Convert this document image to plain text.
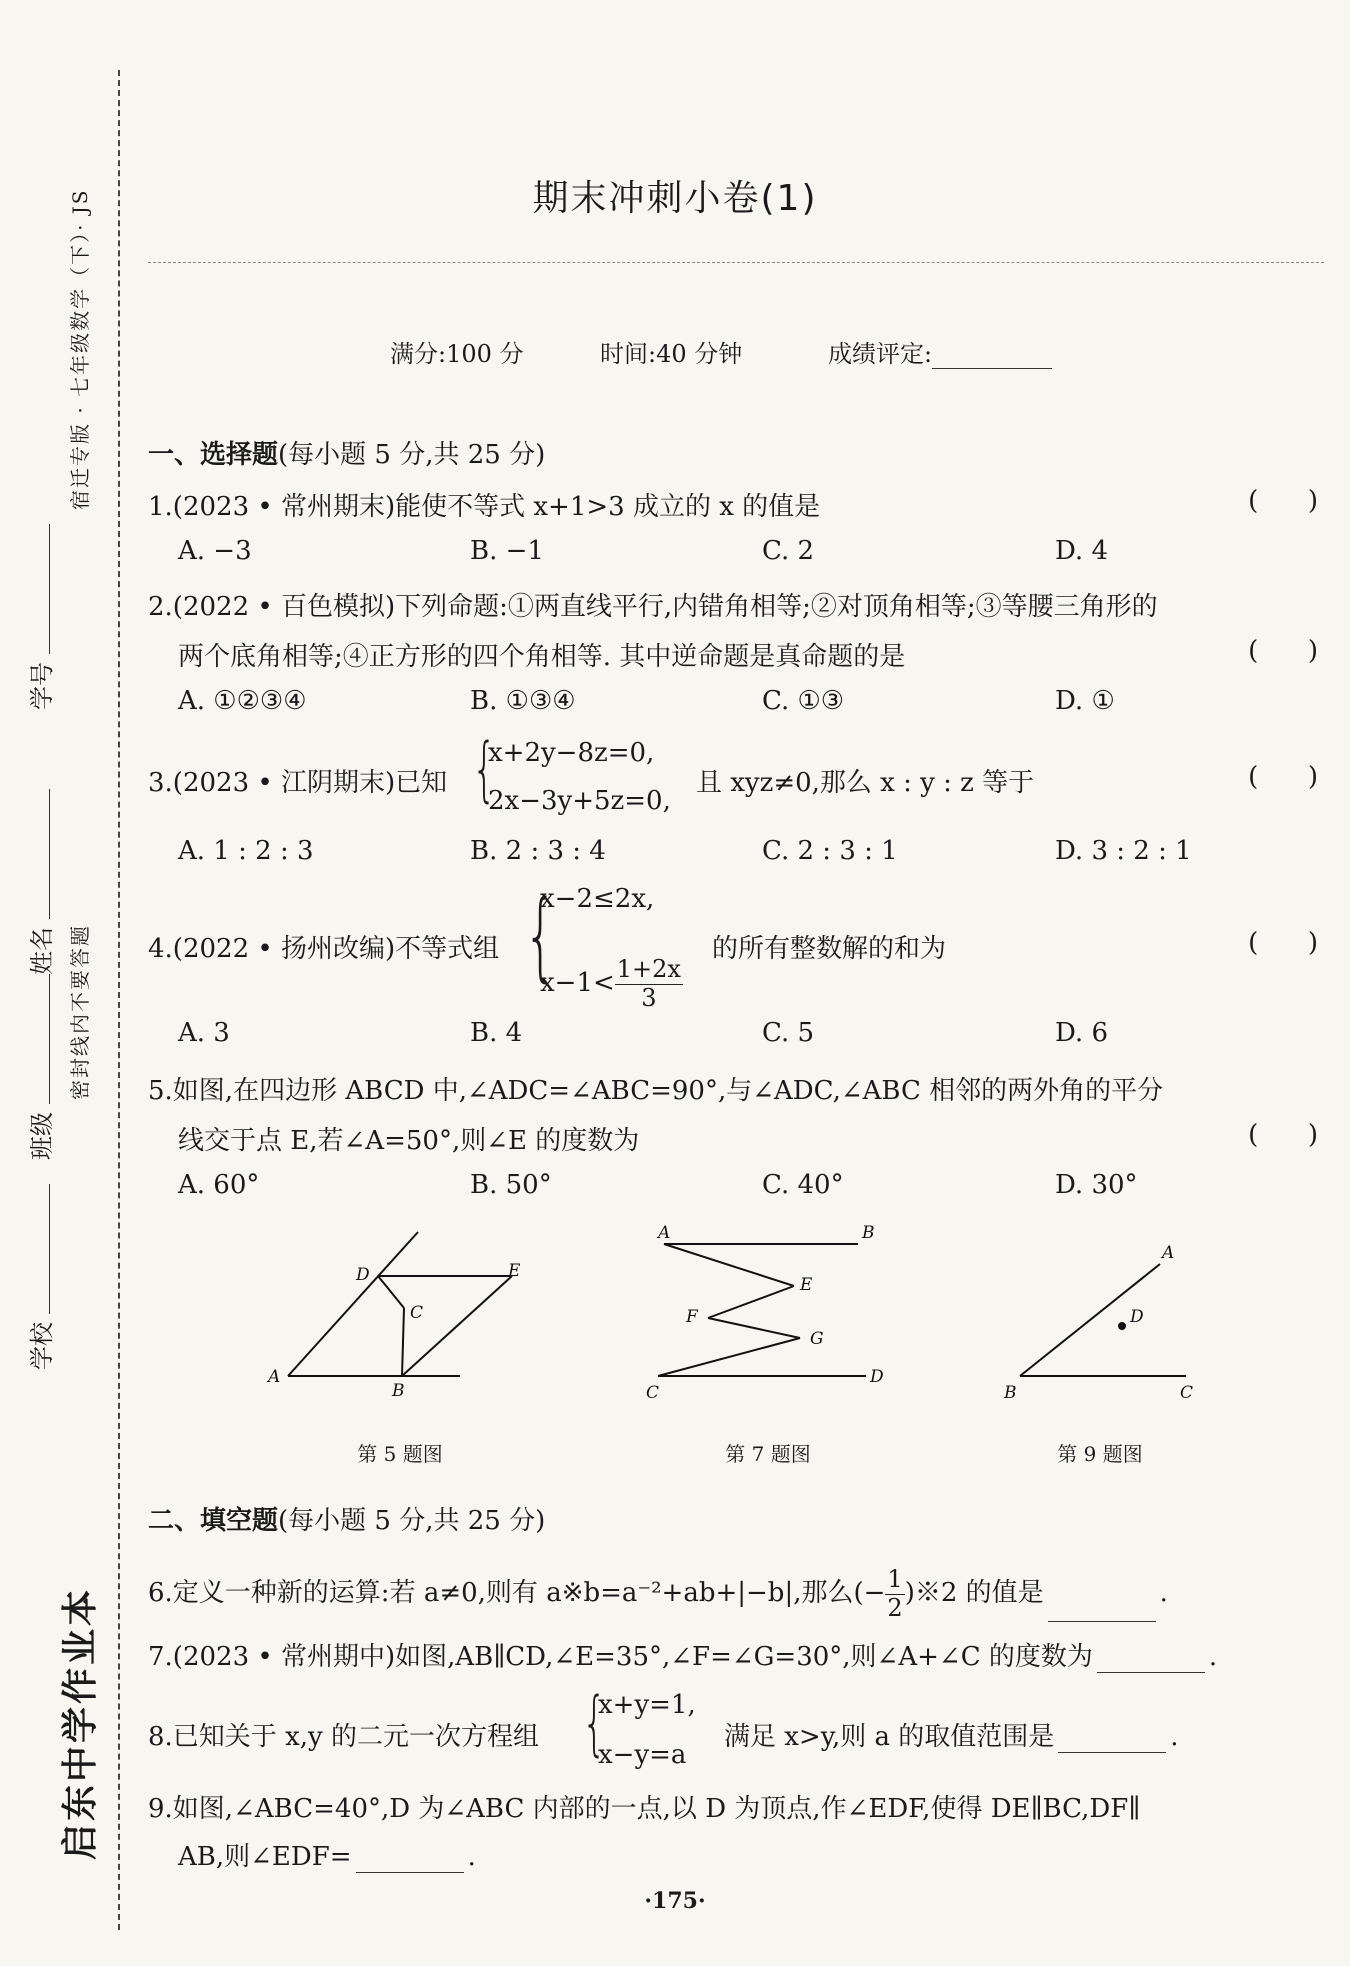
宿迁专版 · 七年级数学（下）· JS
密封线内不要答题
启东中学作业本
学号
姓名
班级
学校
期末冲刺小卷(1)
满分:100 分	时间:40 分钟	成绩评定:
一、选择题(每小题 5 分,共 25 分)
1.(2023 • 常州期末)能使不等式 x+1>3 成立的 x 的值是	(      )
A. −3	B. −1	C. 2	D. 4
2.(2022 • 百色模拟)下列命题:①两直线平行,内错角相等;②对顶角相等;③等腰三角形的
两个底角相等;④正方形的四个角相等. 其中逆命题是真命题的是	(      )
A. ①②③④	B. ①③④	C. ①③	D. ①
3.(2023 • 江阴期末)已知 {
x+2y−8z=0,
2x−3y+5z=0,
且 xyz≠0,那么 x : y : z 等于	(      )
A. 1 : 2 : 3	B. 2 : 3 : 4	C. 2 : 3 : 1	D. 3 : 2 : 1
4.(2022 • 扬州改编)不等式组 {
x−2≤2x,
$x-1< \frac{1+2x}{3}$
的所有整数解的和为	(      )
A. 3	B. 4	C. 5	D. 6
5.如图,在四边形 ABCD 中,∠ADC=∠ABC=90°,与∠ADC,∠ABC 相邻的两外角的平分
线交于点 E,若∠A=50°,则∠E 的度数为	(      )
A. 60°	B. 50°	C. 40°	D. 30°
A
B
C
D	E
第 5 题图
A	B
C
D
E
F
G
第 7 题图
B	C
A
D
第 9 题图
二、填空题(每小题 5 分,共 25 分)
6.定义一种新的运算:若 a≠0,则有 a※b=a⁻²+ab+|−b|,那么(− $\frac{1}{2}$ )※2 的值是	.
7.(2023 • 常州期中)如图,AB∥CD,∠E=35°,∠F=∠G=30°,则∠A+∠C 的度数为	.
8.已知关于 x,y 的二元一次方程组 {
x+y=1,
x−y=a
满足 x>y,则 a 的取值范围是	.
9.如图,∠ABC=40°,D 为∠ABC 内部的一点,以 D 为顶点,作∠EDF,使得 DE∥BC,DF∥
AB,则∠EDF=	.
·175·
